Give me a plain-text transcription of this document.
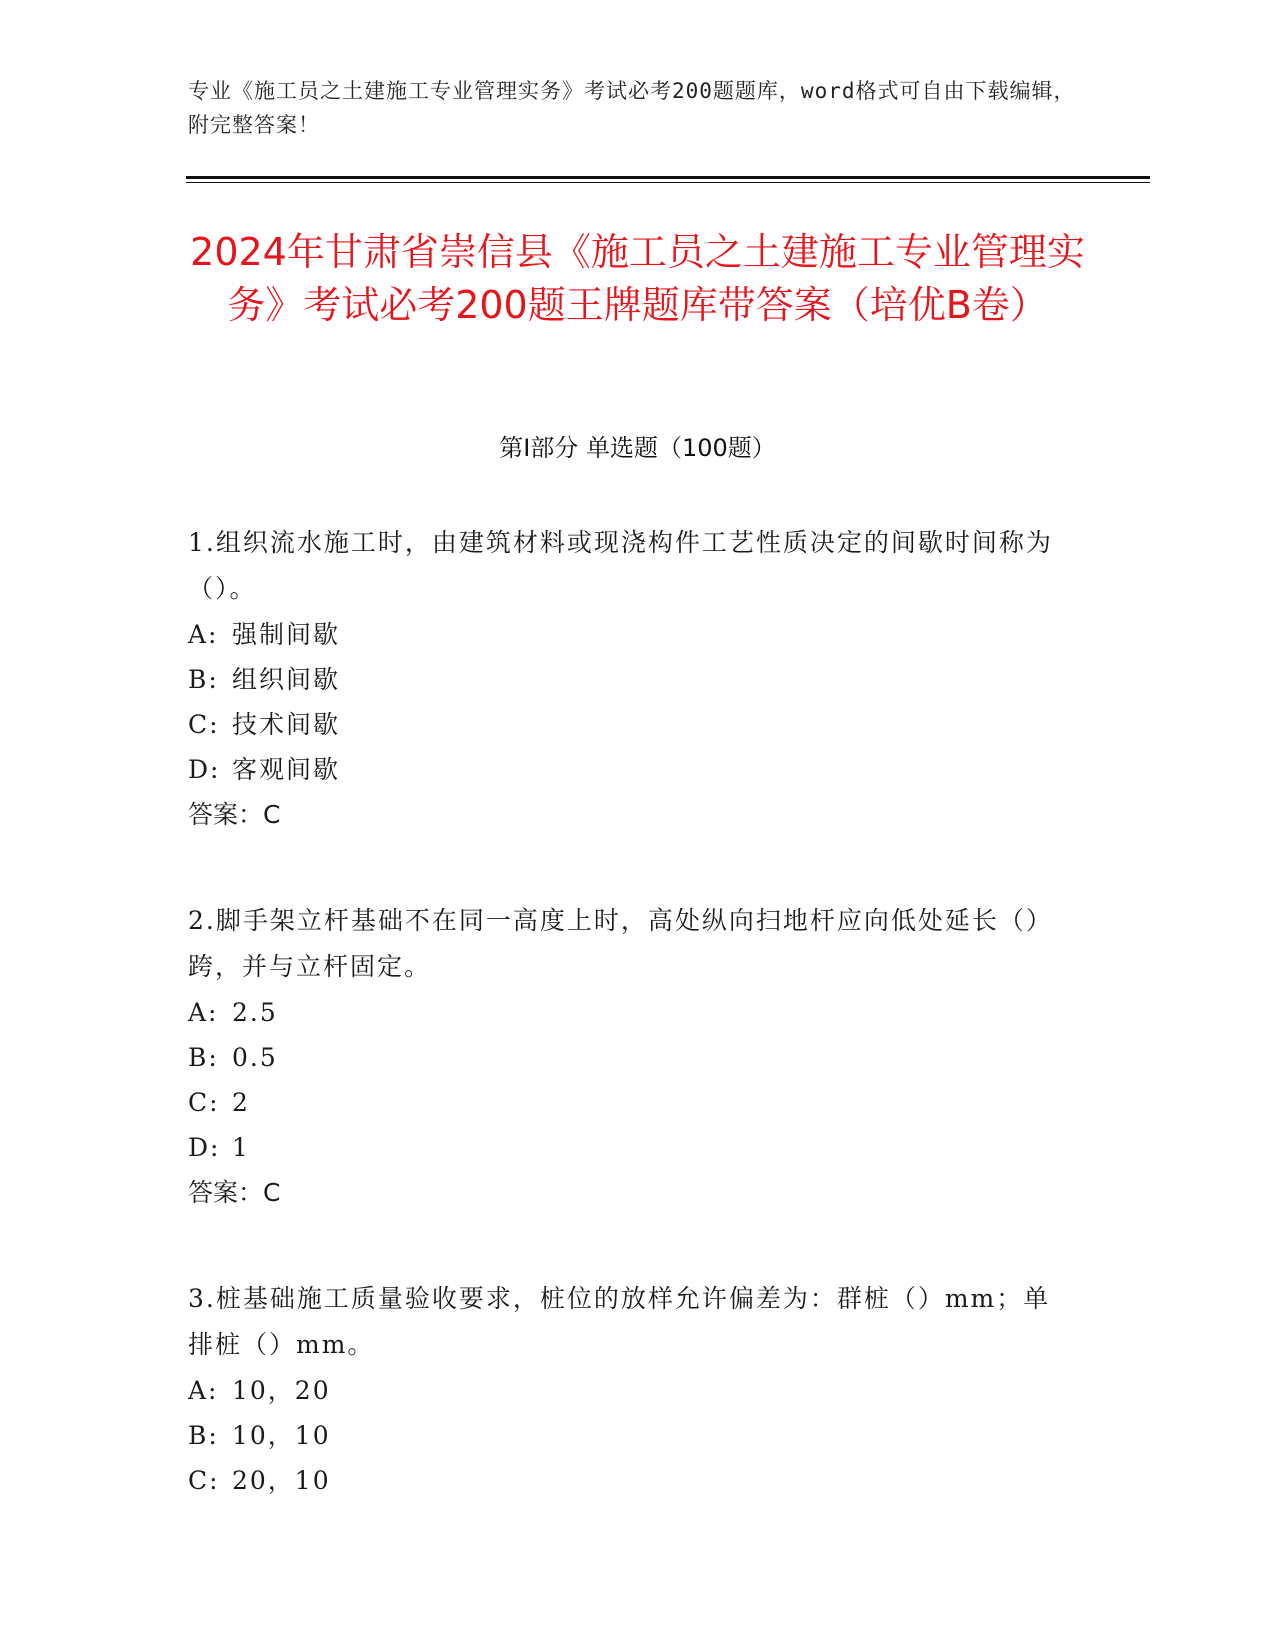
专业《施工员之土建施工专业管理实务》考试必考200题题库，word格式可自由下载编辑，附完整答案！
2024年甘肃省崇信县《施工员之土建施工专业管理实务》考试必考200题王牌题库带答案（培优B卷）
第I部分 单选题（100题）

1.组织流水施工时，由建筑材料或现浇构件工艺性质决定的间歇时间称为（）。

A: 强制间歇

B: 组织间歇

C: 技术间歇

D: 客观间歇

答案：C

2.脚手架立杆基础不在同一高度上时，高处纵向扫地杆应向低处延长（）跨，并与立杆固定。

A: 2.5

B: 0.5

C: 2

D: 1

答案：C

3.桩基础施工质量验收要求，桩位的放样允许偏差为：群桩（）mm；单排桩（）mm。

A: 10，20

B: 10，10

C: 20，10
